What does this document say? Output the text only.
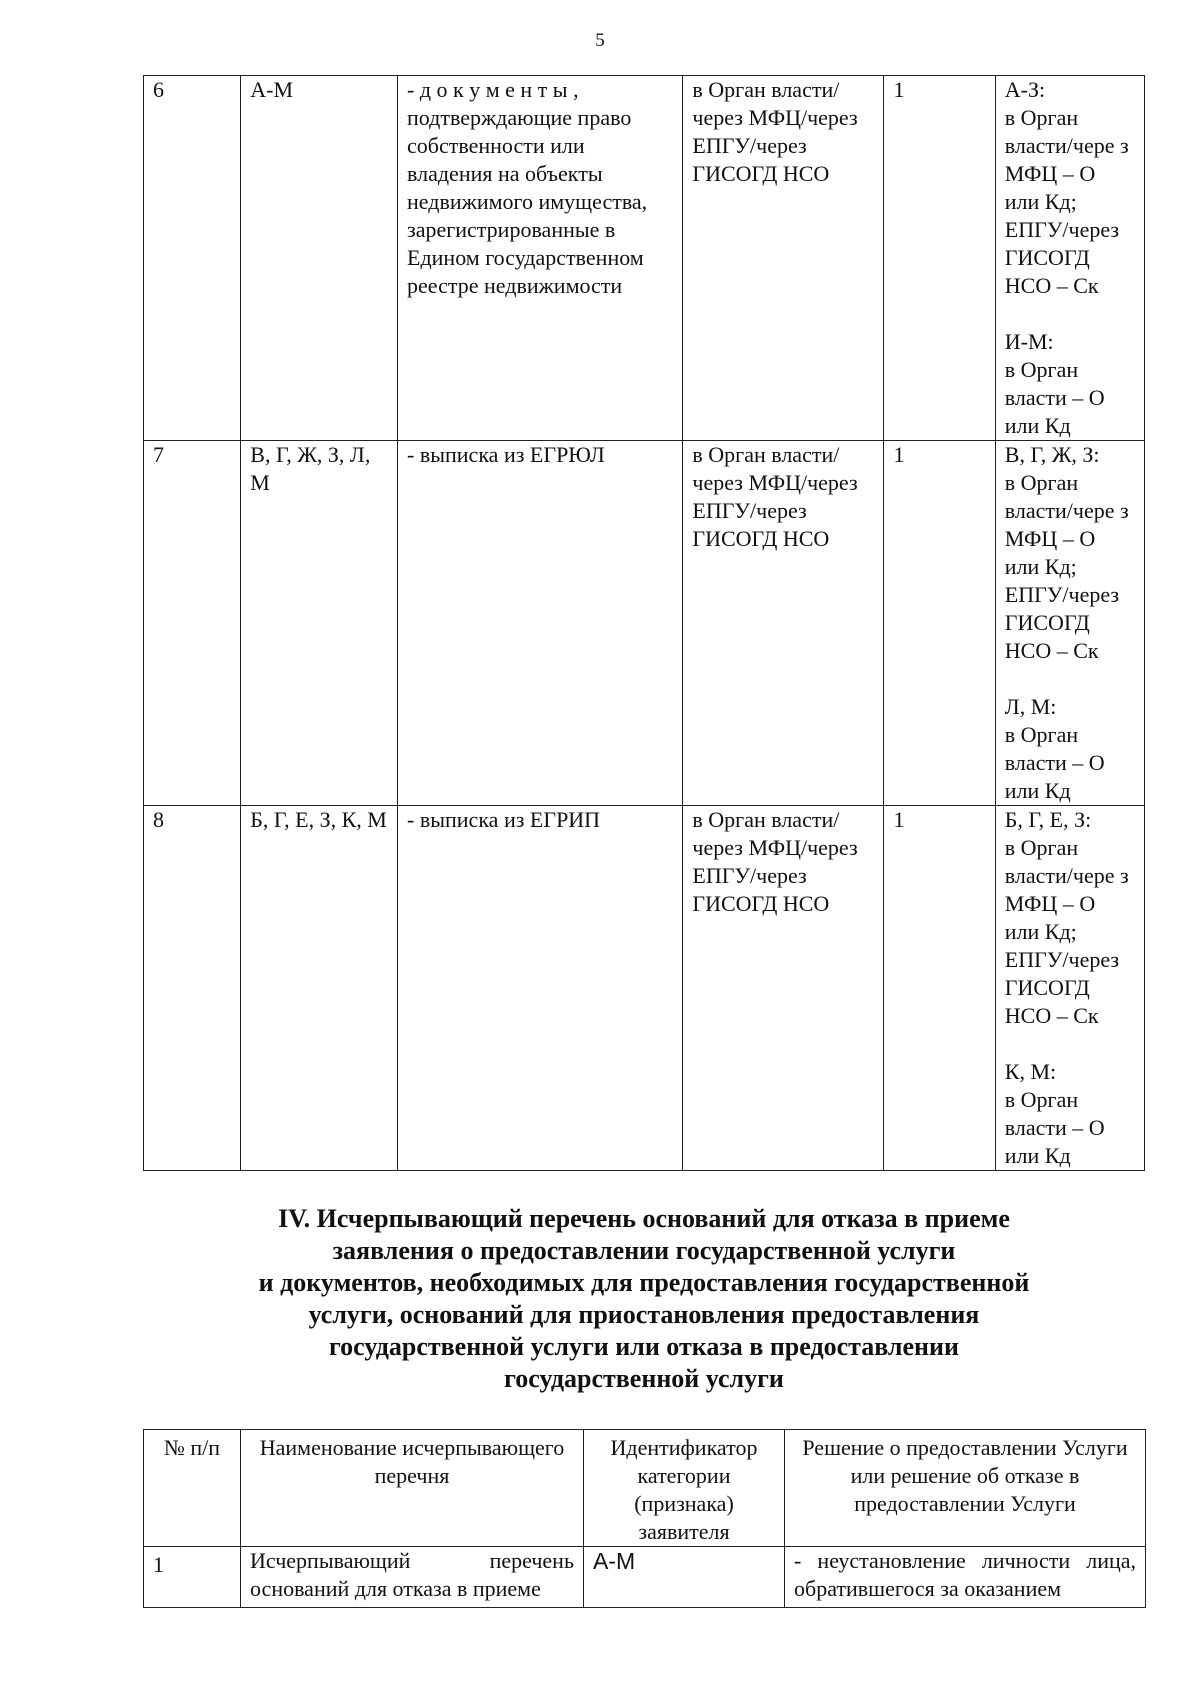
5
6	А-М	- д о к у м е н т ы , подтверждающие право собственности или владения на объекты недвижимого имущества, зарегистрированные в Едином государственном реестре недвижимости	в Орган власти/через МФЦ/через ЕПГУ/через ГИСОГД НСО	1	А-З:
в Орган власти/чере з МФЦ – О или Кд; ЕПГУ/через ГИСОГД НСО – Ск

И-М:
в Орган власти – О или Кд
7	В, Г, Ж, З, Л, М	- выписка из ЕГРЮЛ	в Орган власти/через МФЦ/через ЕПГУ/через ГИСОГД НСО	1	В, Г, Ж, З:
в Орган власти/чере з МФЦ – О или Кд; ЕПГУ/через ГИСОГД НСО – Ск

Л, М:
в Орган власти – О или Кд
8	Б, Г, Е, З, К, М	- выписка из ЕГРИП	в Орган власти/через МФЦ/через ЕПГУ/через ГИСОГД НСО	1	Б, Г, Е, З:
в Орган власти/чере з МФЦ – О или Кд; ЕПГУ/через ГИСОГД НСО – Ск

К, М:
в Орган власти – О или Кд
IV. Исчерпывающий перечень оснований для отказа в приеме
заявления о предоставлении государственной услуги
и документов, необходимых для предоставления государственной
услуги, оснований для приостановления предоставления
государственной услуги или отказа в предоставлении
государственной услуги
№ п/п	Наименование исчерпывающего перечня	Идентификатор категории (признака) заявителя	Решение о предоставлении Услуги или решение об отказе в предоставлении Услуги
1	Исчерпывающий перечень оснований для отказа в приеме	А-М	- неустановление личности лица, обратившегося за оказанием
